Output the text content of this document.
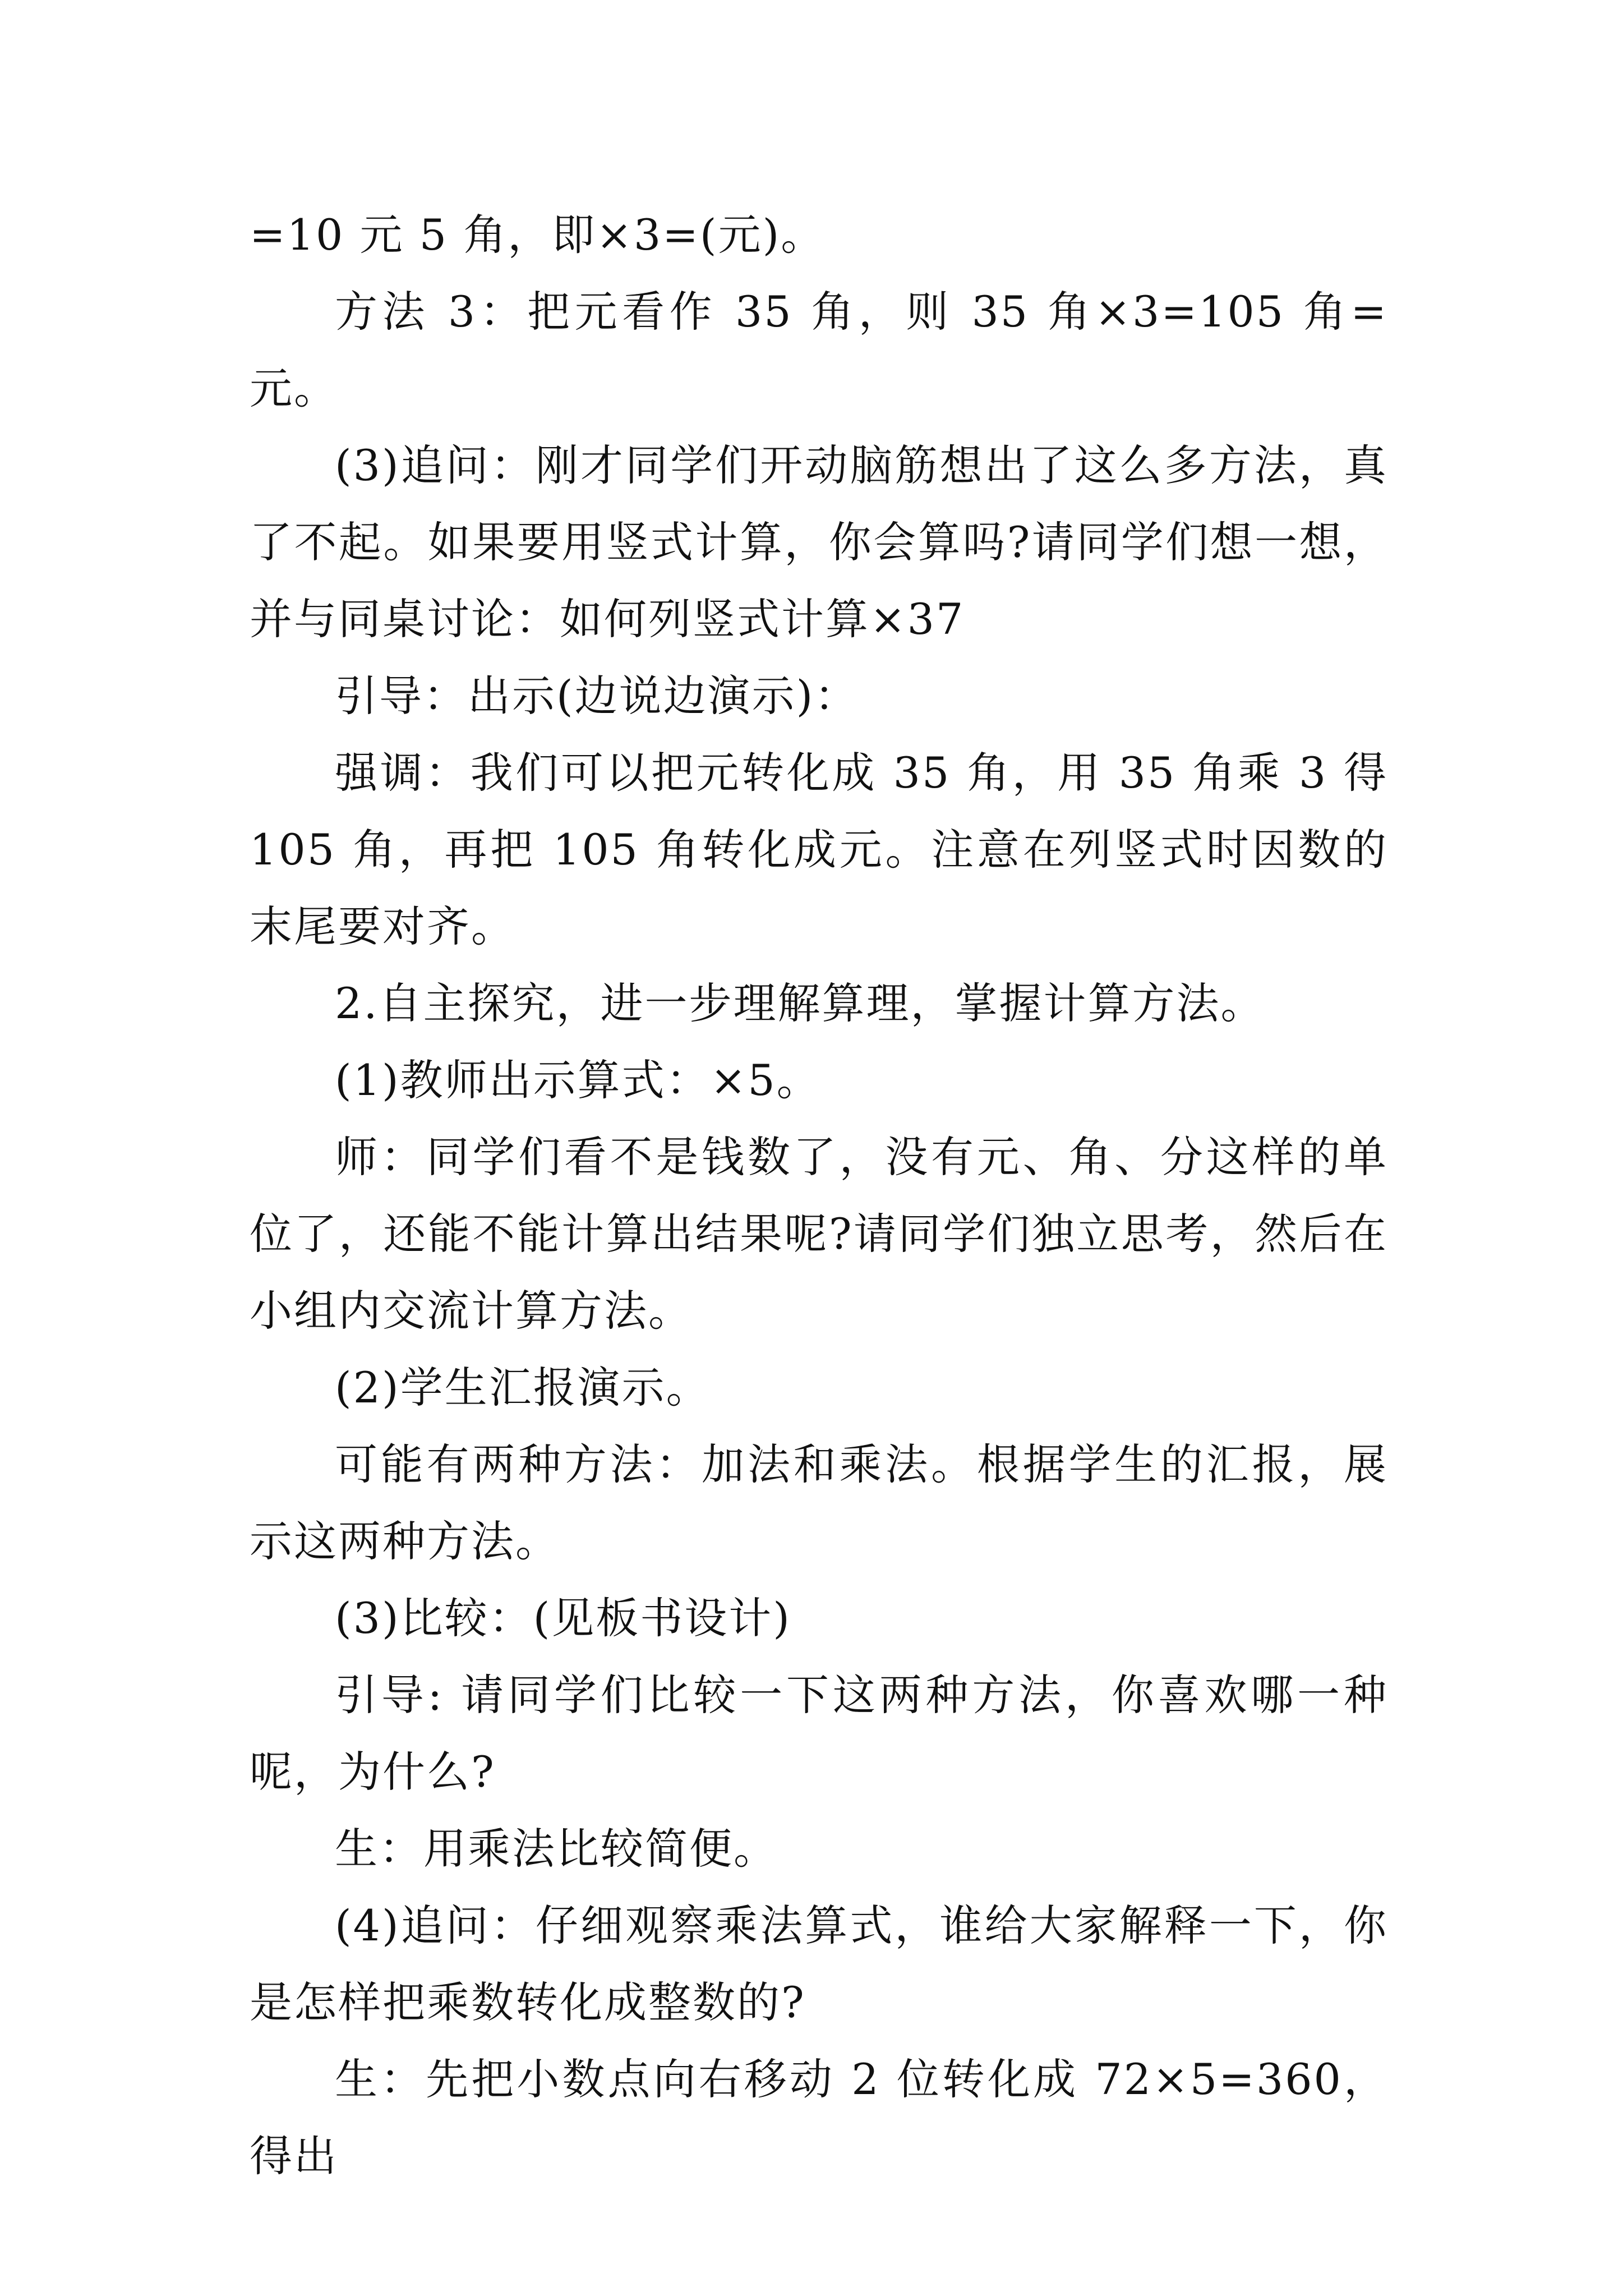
=10 元 5 角，即×3=(元)。

方法 3：把元看作 35 角，则 35 角×3=105 角=元。

(3)追问：刚才同学们开动脑筋想出了这么多方法，真了不起。如果要用竖式计算，你会算吗?请同学们想一想，并与同桌讨论：如何列竖式计算×37

引导：出示(边说边演示)：

强调：我们可以把元转化成 35 角，用 35 角乘 3 得 105 角，再把 105 角转化成元。注意在列竖式时因数的末尾要对齐。

2.自主探究，进一步理解算理，掌握计算方法。

(1)教师出示算式：×5。

师：同学们看不是钱数了，没有元、角、分这样的单位了，还能不能计算出结果呢?请同学们独立思考，然后在小组内交流计算方法。

(2)学生汇报演示。

可能有两种方法：加法和乘法。根据学生的汇报，展示这两种方法。

(3)比较：(见板书设计)

引导: 请同学们比较一下这两种方法，你喜欢哪一种呢，为什么?

生：用乘法比较简便。

(4)追问：仔细观察乘法算式，谁给大家解释一下，你是怎样把乘数转化成整数的?

生：先把小数点向右移动 2 位转化成 72×5=360，得出
